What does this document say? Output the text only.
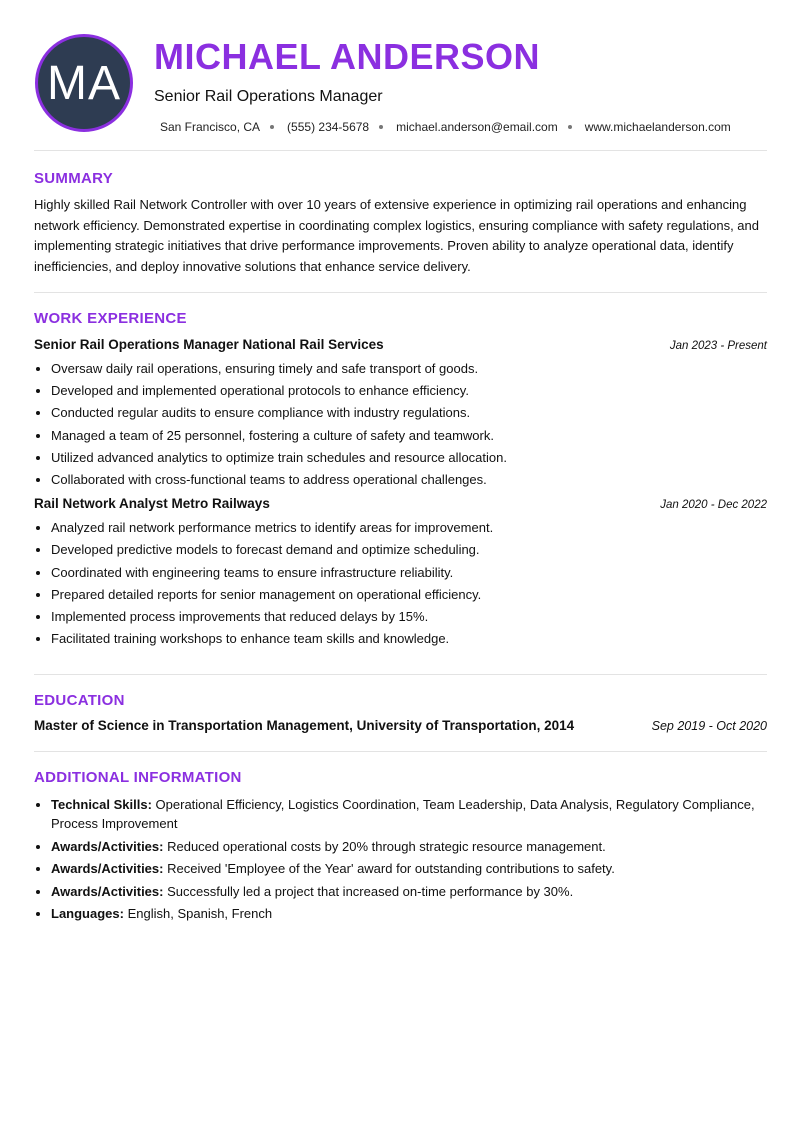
MA MICHAEL ANDERSON
Senior Rail Operations Manager
San Francisco, CA (555) 234-5678 michael.anderson@email.com www.michaelanderson.com
SUMMARY

Highly skilled Rail Network Controller with over 10 years of extensive experience in optimizing rail operations and enhancing network efficiency. Demonstrated expertise in coordinating complex logistics, ensuring compliance with safety regulations, and implementing strategic initiatives that drive performance improvements. Proven ability to analyze operational data, identify inefficiencies, and deploy innovative solutions that enhance service delivery.

WORK EXPERIENCE
Senior Rail Operations Manager National Rail Services	Jan 2023 - Present
• Oversaw daily rail operations, ensuring timely and safe transport of goods.
• Developed and implemented operational protocols to enhance efficiency.
• Conducted regular audits to ensure compliance with industry regulations.
• Managed a team of 25 personnel, fostering a culture of safety and teamwork.
• Utilized advanced analytics to optimize train schedules and resource allocation.
• Collaborated with cross-functional teams to address operational challenges.
Rail Network Analyst Metro Railways	Jan 2020 - Dec 2022
• Analyzed rail network performance metrics to identify areas for improvement.
• Developed predictive models to forecast demand and optimize scheduling.
• Coordinated with engineering teams to ensure infrastructure reliability.
• Prepared detailed reports for senior management on operational efficiency.
• Implemented process improvements that reduced delays by 15%.
• Facilitated training workshops to enhance team skills and knowledge.
EDUCATION
Master of Science in Transportation Management, University of Transportation, 2014	Sep 2019 - Oct 2020
ADDITIONAL INFORMATION
• Technical Skills: Operational Efficiency, Logistics Coordination, Team Leadership, Data Analysis, Regulatory Compliance, Process Improvement
• Awards/Activities: Reduced operational costs by 20% through strategic resource management.
• Awards/Activities: Received 'Employee of the Year' award for outstanding contributions to safety.
• Awards/Activities: Successfully led a project that increased on-time performance by 30%.
• Languages: English, Spanish, French
